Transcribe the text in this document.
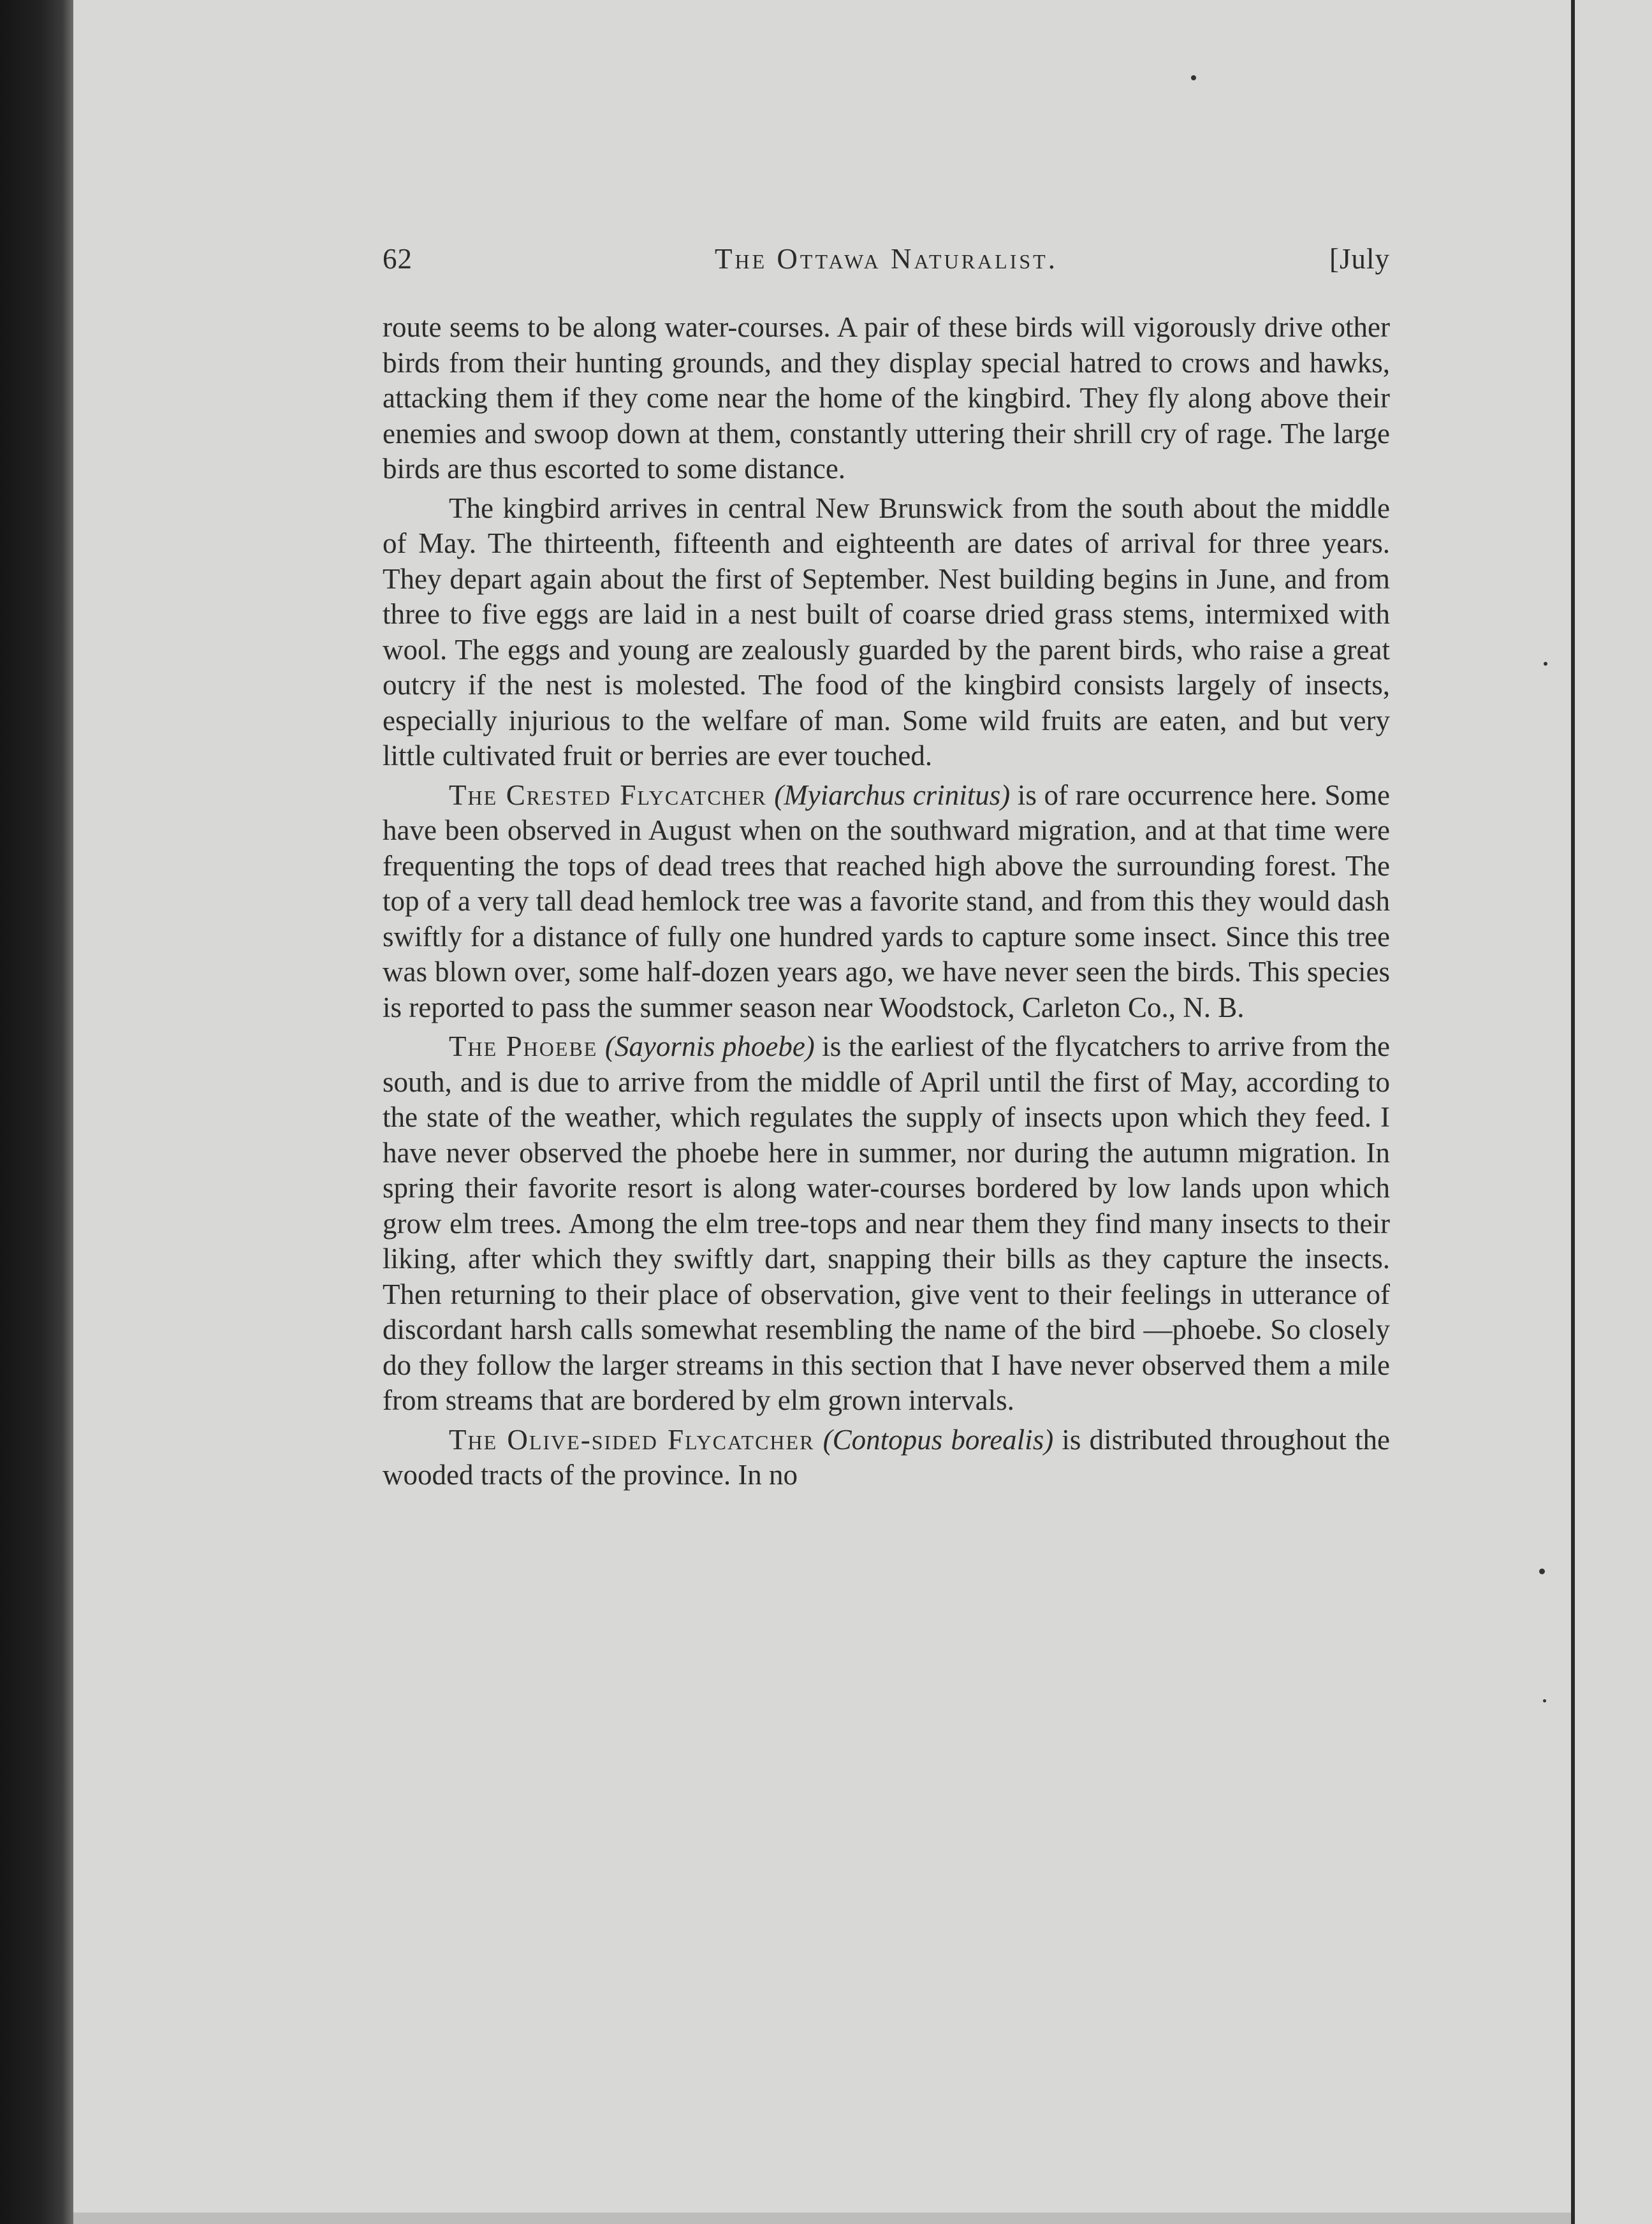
62	The Ottawa Naturalist.	[July

route seems to be along water-courses. A pair of these birds will vigorously drive other birds from their hunting grounds, and they display special hatred to crows and hawks, attacking them if they come near the home of the kingbird. They fly along above their enemies and swoop down at them, constantly uttering their shrill cry of rage. The large birds are thus escorted to some distance.

The kingbird arrives in central New Brunswick from the south about the middle of May. The thirteenth, fifteenth and eighteenth are dates of arrival for three years. They depart again about the first of September. Nest building begins in June, and from three to five eggs are laid in a nest built of coarse dried grass stems, intermixed with wool. The eggs and young are zealously guarded by the parent birds, who raise a great outcry if the nest is molested. The food of the kingbird consists largely of insects, especially injurious to the welfare of man. Some wild fruits are eaten, and but very little cultivated fruit or berries are ever touched.

The Crested Flycatcher (Myiarchus crinitus) is of rare occurrence here. Some have been observed in August when on the southward migration, and at that time were frequenting the tops of dead trees that reached high above the surrounding forest. The top of a very tall dead hemlock tree was a favorite stand, and from this they would dash swiftly for a distance of fully one hundred yards to capture some insect. Since this tree was blown over, some half-dozen years ago, we have never seen the birds. This species is reported to pass the summer season near Woodstock, Carleton Co., N. B.

The Phoebe (Sayornis phoebe) is the earliest of the flycatchers to arrive from the south, and is due to arrive from the middle of April until the first of May, according to the state of the weather, which regulates the supply of insects upon which they feed. I have never observed the phoebe here in summer, nor during the autumn migration. In spring their favorite resort is along water-courses bordered by low lands upon which grow elm trees. Among the elm tree-tops and near them they find many insects to their liking, after which they swiftly dart, snapping their bills as they capture the insects. Then returning to their place of observation, give vent to their feelings in utterance of discordant harsh calls somewhat resembling the name of the bird —phoebe. So closely do they follow the larger streams in this section that I have never observed them a mile from streams that are bordered by elm grown intervals.

The Olive-sided Flycatcher (Contopus borealis) is distributed throughout the wooded tracts of the province. In no
